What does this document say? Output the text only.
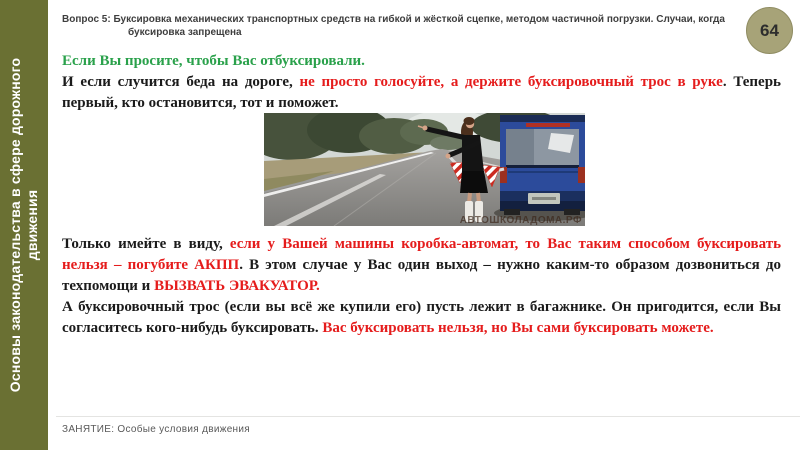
Основы законодательства в сфере дорожного движения
Вопрос 5: Буксировка механических транспортных средств на гибкой и жёсткой сцепке, методом частичной погрузки. Случаи, когда буксировка запрещена	64
Если Вы просите, чтобы Вас отбуксировали.
И если случится беда на дороге, не просто голосуйте, а держите буксировочный трос в руке. Теперь первый, кто остановится, тот и поможет.
АВТОШКОЛАДОМА.РФ
Только имейте в виду, если у Вашей машины коробка-автомат, то Вас таким способом буксировать нельзя – погубите АКПП. В этом случае у Вас один выход – нужно каким-то образом дозвониться до техпомощи и ВЫЗВАТЬ ЭВАКУАТОР.
А буксировочный трос (если вы всё же купили его) пусть лежит в багажнике. Он пригодится, если Вы согласитесь кого-нибудь буксировать. Вас буксировать нельзя, но Вы сами буксировать можете.
ЗАНЯТИЕ: Особые условия движения
